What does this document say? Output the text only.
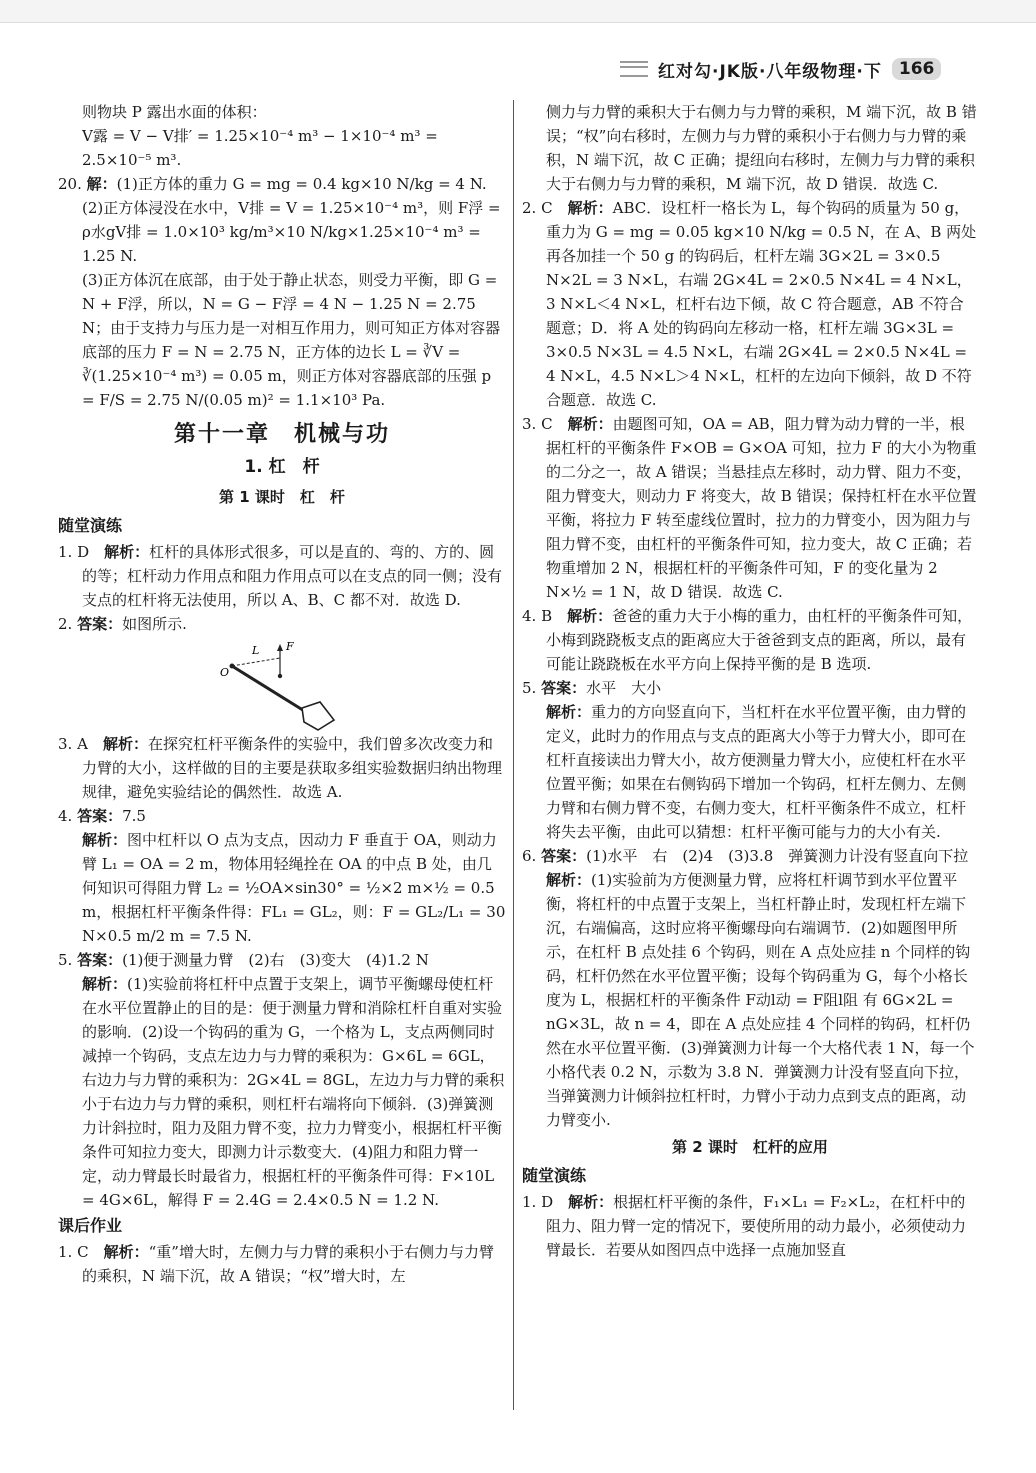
红对勾·JK版·八年级物理·下	166

则物块 P 露出水面的体积：

V露 = V − V排′ = 1.25×10⁻⁴ m³ − 1×10⁻⁴ m³ = 2.5×10⁻⁵ m³.

20. 解：(1)正方体的重力 G = mg = 0.4 kg×10 N/kg = 4 N.

(2)正方体浸没在水中，V排 = V = 1.25×10⁻⁴ m³，则 F浮 = ρ水gV排 = 1.0×10³ kg/m³×10 N/kg×1.25×10⁻⁴ m³ = 1.25 N.

(3)正方体沉在底部，由于处于静止状态，则受力平衡，即 G = N + F浮，所以，N = G − F浮 = 4 N − 1.25 N = 2.75 N；由于支持力与压力是一对相互作用力，则可知正方体对容器底部的压力 F = N = 2.75 N，正方体的边长 L = ∛V = ∛(1.25×10⁻⁴ m³) = 0.05 m，则正方体对容器底部的压强 p = F/S = 2.75 N/(0.05 m)² = 1.1×10³ Pa.

第十一章　机械与功
1. 杠　杆
第 1 课时　杠　杆
随堂演练

1. D　 解析：杠杆的具体形式很多，可以是直的、弯的、方的、圆的等；杠杆动力作用点和阻力作用点可以在支点的同一侧；没有支点的杠杆将无法使用，所以 A、B、C 都不对．故选 D.

2. 答案：如图所示.

O
L F

3. A　 解析：在探究杠杆平衡条件的实验中，我们曾多次改变力和力臂的大小，这样做的目的主要是获取多组实验数据归纳出物理规律，避免实验结论的偶然性．故选 A.

4. 答案：7.5

解析：图中杠杆以 O 点为支点，因动力 F 垂直于 OA，则动力臂 L₁ = OA = 2 m，物体用轻绳拴在 OA 的中点 B 处，由几何知识可得阻力臂 L₂ = ½OA×sin30° = ½×2 m×½ = 0.5 m，根据杠杆平衡条件得：FL₁ = GL₂，则：F = GL₂/L₁ = 30 N×0.5 m/2 m = 7.5 N.

5. 答案：(1)便于测量力臂　(2)右　(3)变大　(4)1.2 N

解析：(1)实验前将杠杆中点置于支架上，调节平衡螺母使杠杆在水平位置静止的目的是：便于测量力臂和消除杠杆自重对实验的影响．(2)设一个钩码的重为 G，一个格为 L，支点两侧同时减掉一个钩码，支点左边力与力臂的乘积为：G×6L = 6GL，右边力与力臂的乘积为：2G×4L = 8GL，左边力与力臂的乘积小于右边力与力臂的乘积，则杠杆右端将向下倾斜．(3)弹簧测力计斜拉时，阻力及阻力臂不变，拉力力臂变小，根据杠杆平衡条件可知拉力变大，即测力计示数变大．(4)阻力和阻力臂一定，动力臂最长时最省力，根据杠杆的平衡条件可得：F×10L = 4G×6L，解得 F = 2.4G = 2.4×0.5 N = 1.2 N.

课后作业

1. C　 解析：“重”增大时，左侧力与力臂的乘积小于右侧力与力臂的乘积，N 端下沉，故 A 错误；“权”增大时，左

侧力与力臂的乘积大于右侧力与力臂的乘积，M 端下沉，故 B 错误；“权”向右移时，左侧力与力臂的乘积小于右侧力与力臂的乘积，N 端下沉，故 C 正确；提纽向右移时，左侧力与力臂的乘积大于右侧力与力臂的乘积，M 端下沉，故 D 错误．故选 C.

2. C　 解析：ABC．设杠杆一格长为 L，每个钩码的质量为 50 g，重力为 G = mg = 0.05 kg×10 N/kg = 0.5 N，在 A、B 两处再各加挂一个 50 g 的钩码后，杠杆左端 3G×2L = 3×0.5 N×2L = 3 N×L，右端 2G×4L = 2×0.5 N×4L = 4 N×L，3 N×L＜4 N×L，杠杆右边下倾，故 C 符合题意，AB 不符合题意；D．将 A 处的钩码向左移动一格，杠杆左端 3G×3L = 3×0.5 N×3L = 4.5 N×L，右端 2G×4L = 2×0.5 N×4L = 4 N×L，4.5 N×L＞4 N×L，杠杆的左边向下倾斜，故 D 不符合题意．故选 C.

3. C　 解析：由题图可知，OA = AB，阻力臂为动力臂的一半，根据杠杆的平衡条件 F×OB = G×OA 可知，拉力 F 的大小为物重的二分之一，故 A 错误；当悬挂点左移时，动力臂、阻力不变，阻力臂变大，则动力 F 将变大，故 B 错误；保持杠杆在水平位置平衡，将拉力 F 转至虚线位置时，拉力的力臂变小，因为阻力与阻力臂不变，由杠杆的平衡条件可知，拉力变大，故 C 正确；若物重增加 2 N，根据杠杆的平衡条件可知，F 的变化量为 2 N×½ = 1 N，故 D 错误．故选 C.

4. B　 解析：爸爸的重力大于小梅的重力，由杠杆的平衡条件可知，小梅到跷跷板支点的距离应大于爸爸到支点的距离，所以，最有可能让跷跷板在水平方向上保持平衡的是 B 选项.

5. 答案：水平　大小

解析：重力的方向竖直向下，当杠杆在水平位置平衡，由力臂的定义，此时力的作用点与支点的距离大小等于力臂大小，即可在杠杆直接读出力臂大小，故方便测量力臂大小，应使杠杆在水平位置平衡；如果在右侧钩码下增加一个钩码，杠杆左侧力、左侧力臂和右侧力臂不变，右侧力变大，杠杆平衡条件不成立，杠杆将失去平衡，由此可以猜想：杠杆平衡可能与力的大小有关.

6. 答案：(1)水平　右　(2)4　(3)3.8　弹簧测力计没有竖直向下拉

解析：(1)实验前为方便测量力臂，应将杠杆调节到水平位置平衡，将杠杆的中点置于支架上，当杠杆静止时，发现杠杆左端下沉，右端偏高，这时应将平衡螺母向右端调节．(2)如题图甲所示，在杠杆 B 点处挂 6 个钩码，则在 A 点处应挂 n 个同样的钩码，杠杆仍然在水平位置平衡；设每个钩码重为 G，每个小格长度为 L，根据杠杆的平衡条件 F动l动 = F阻l阻 有 6G×2L = nG×3L，故 n = 4，即在 A 点处应挂 4 个同样的钩码，杠杆仍然在水平位置平衡．(3)弹簧测力计每一个大格代表 1 N，每一个小格代表 0.2 N，示数为 3.8 N．弹簧测力计没有竖直向下拉，当弹簧测力计倾斜拉杠杆时，力臂小于动力点到支点的距离，动力臂变小.

第 2 课时　杠杆的应用
随堂演练

1. D　 解析：根据杠杆平衡的条件，F₁×L₁ = F₂×L₂，在杠杆中的阻力、阻力臂一定的情况下，要使所用的动力最小，必须使动力臂最长．若要从如图四点中选择一点施加竖直
